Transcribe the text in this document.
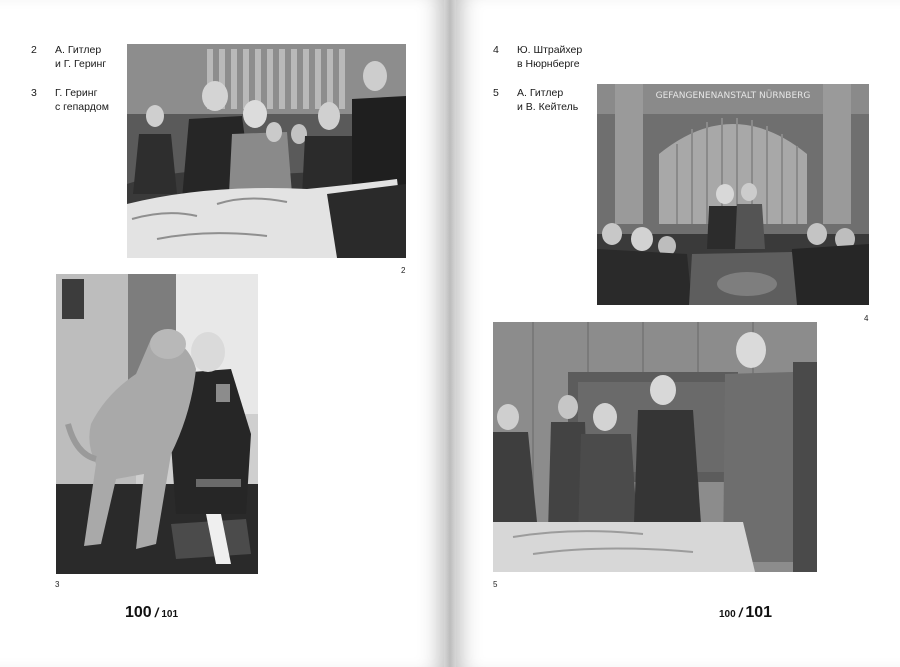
2 А. Гитлер
и Г. Геринг
3 Г. Геринг
с гепардом
2
3
100 / 101
4 Ю. Штрайхер
в Нюрнберге
5 А. Гитлер
и В. Кейтель
GEFANGENENANSTALT NÜRNBERG
4
5
100 / 101
